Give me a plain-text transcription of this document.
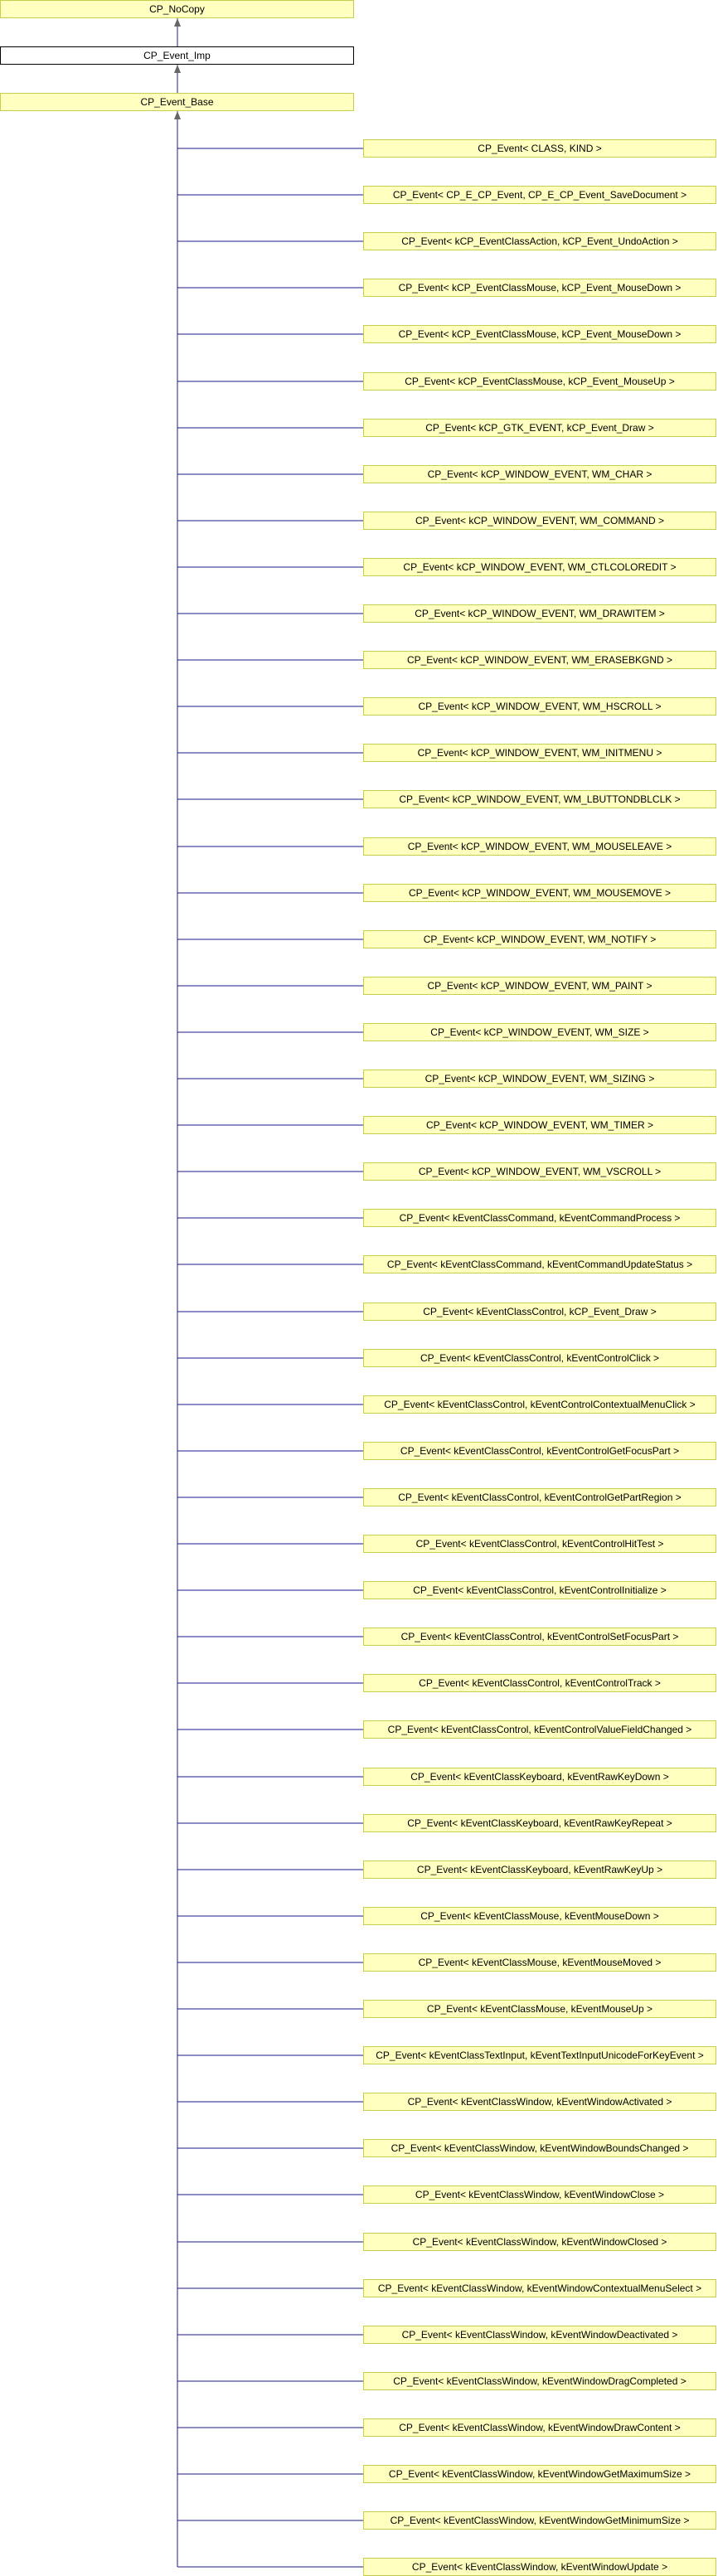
CP_NoCopy
CP_Event_Imp
CP_Event_Base
CP_Event< CLASS, KIND >
CP_Event< CP_E_CP_Event, CP_E_CP_Event_SaveDocument >
CP_Event< kCP_EventClassAction, kCP_Event_UndoAction >
CP_Event< kCP_EventClassMouse, kCP_Event_MouseDown >
CP_Event< kCP_EventClassMouse, kCP_Event_MouseDown >
CP_Event< kCP_EventClassMouse, kCP_Event_MouseUp >
CP_Event< kCP_GTK_EVENT, kCP_Event_Draw >
CP_Event< kCP_WINDOW_EVENT, WM_CHAR >
CP_Event< kCP_WINDOW_EVENT, WM_COMMAND >
CP_Event< kCP_WINDOW_EVENT, WM_CTLCOLOREDIT >
CP_Event< kCP_WINDOW_EVENT, WM_DRAWITEM >
CP_Event< kCP_WINDOW_EVENT, WM_ERASEBKGND >
CP_Event< kCP_WINDOW_EVENT, WM_HSCROLL >
CP_Event< kCP_WINDOW_EVENT, WM_INITMENU >
CP_Event< kCP_WINDOW_EVENT, WM_LBUTTONDBLCLK >
CP_Event< kCP_WINDOW_EVENT, WM_MOUSELEAVE >
CP_Event< kCP_WINDOW_EVENT, WM_MOUSEMOVE >
CP_Event< kCP_WINDOW_EVENT, WM_NOTIFY >
CP_Event< kCP_WINDOW_EVENT, WM_PAINT >
CP_Event< kCP_WINDOW_EVENT, WM_SIZE >
CP_Event< kCP_WINDOW_EVENT, WM_SIZING >
CP_Event< kCP_WINDOW_EVENT, WM_TIMER >
CP_Event< kCP_WINDOW_EVENT, WM_VSCROLL >
CP_Event< kEventClassCommand, kEventCommandProcess >
CP_Event< kEventClassCommand, kEventCommandUpdateStatus >
CP_Event< kEventClassControl, kCP_Event_Draw >
CP_Event< kEventClassControl, kEventControlClick >
CP_Event< kEventClassControl, kEventControlContextualMenuClick >
CP_Event< kEventClassControl, kEventControlGetFocusPart >
CP_Event< kEventClassControl, kEventControlGetPartRegion >
CP_Event< kEventClassControl, kEventControlHitTest >
CP_Event< kEventClassControl, kEventControlInitialize >
CP_Event< kEventClassControl, kEventControlSetFocusPart >
CP_Event< kEventClassControl, kEventControlTrack >
CP_Event< kEventClassControl, kEventControlValueFieldChanged >
CP_Event< kEventClassKeyboard, kEventRawKeyDown >
CP_Event< kEventClassKeyboard, kEventRawKeyRepeat >
CP_Event< kEventClassKeyboard, kEventRawKeyUp >
CP_Event< kEventClassMouse, kEventMouseDown >
CP_Event< kEventClassMouse, kEventMouseMoved >
CP_Event< kEventClassMouse, kEventMouseUp >
CP_Event< kEventClassTextInput, kEventTextInputUnicodeForKeyEvent >
CP_Event< kEventClassWindow, kEventWindowActivated >
CP_Event< kEventClassWindow, kEventWindowBoundsChanged >
CP_Event< kEventClassWindow, kEventWindowClose >
CP_Event< kEventClassWindow, kEventWindowClosed >
CP_Event< kEventClassWindow, kEventWindowContextualMenuSelect >
CP_Event< kEventClassWindow, kEventWindowDeactivated >
CP_Event< kEventClassWindow, kEventWindowDragCompleted >
CP_Event< kEventClassWindow, kEventWindowDrawContent >
CP_Event< kEventClassWindow, kEventWindowGetMaximumSize >
CP_Event< kEventClassWindow, kEventWindowGetMinimumSize >
CP_Event< kEventClassWindow, kEventWindowUpdate >
